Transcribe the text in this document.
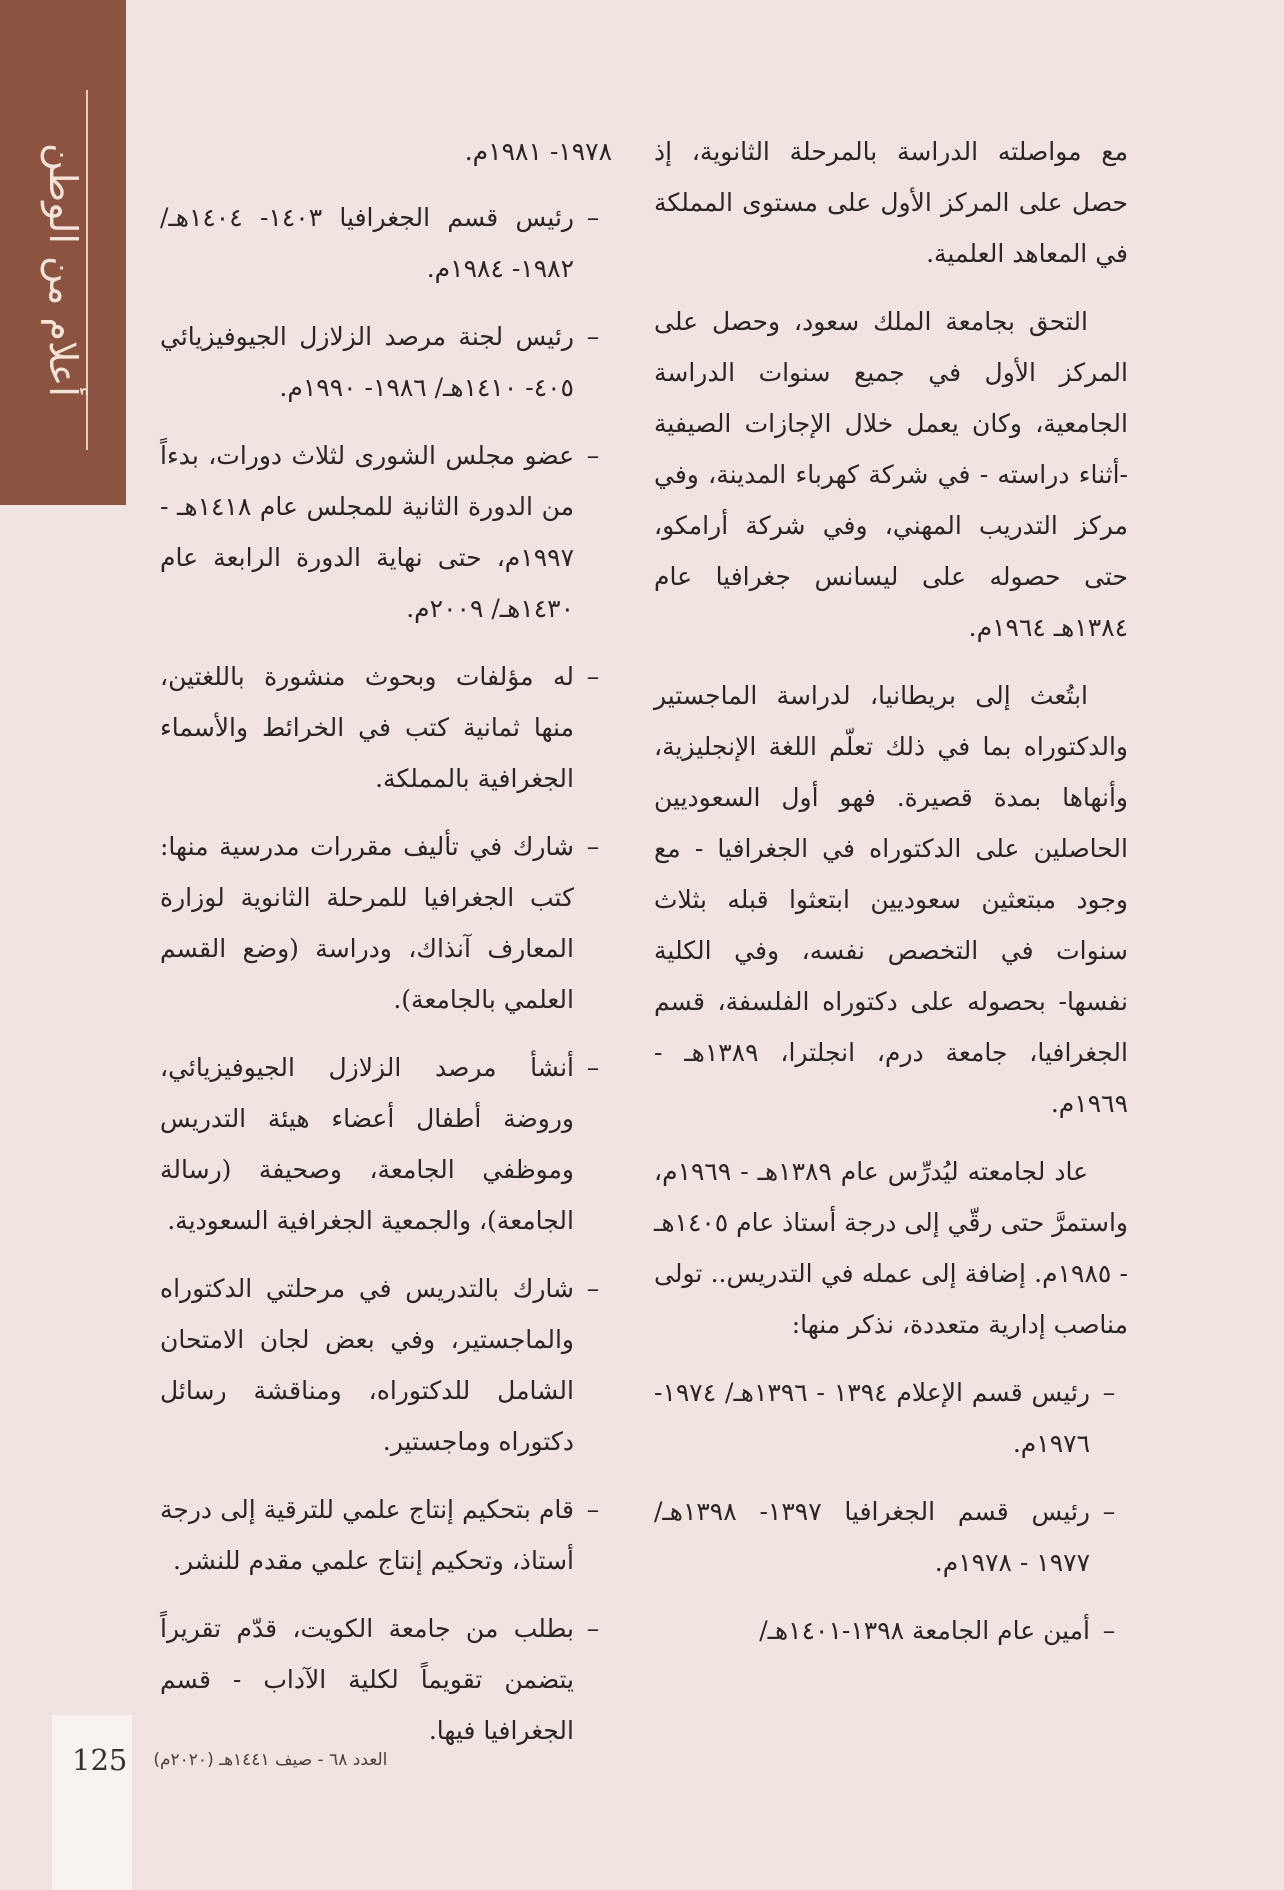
أعلام من الوطن	مع مواصلته الدراسة بالمرحلة الثانوية، إذ حصل على المركز الأول على مستوى المملكة في المعاهد العلمية.

التحق بجامعة الملك سعود، وحصل على المركز الأول في جميع سنوات الدراسة الجامعية، وكان يعمل خلال الإجازات الصيفية -أثناء دراسته - في شركة كهرباء المدينة، وفي مركز التدريب المهني، وفي شركة أرامكو، حتى حصوله على ليسانس جغرافيا عام ١٣٨٤هـ ١٩٦٤م.

ابتُعث إلى بريطانيا، لدراسة الماجستير والدكتوراه بما في ذلك تعلّم اللغة الإنجليزية، وأنهاها بمدة قصيرة. فهو أول السعوديين الحاصلين على الدكتوراه في الجغرافيا - مع وجود مبتعثين سعوديين ابتعثوا قبله بثلاث سنوات في التخصص نفسه، وفي الكلية نفسها- بحصوله على دكتوراه الفلسفة، قسم الجغرافيا، جامعة درم، انجلترا، ١٣٨٩هـ - ١٩٦٩م.

عاد لجامعته ليُدرِّس عام ١٣٨٩هـ - ١٩٦٩م، واستمرَّ حتى رقّي إلى درجة أستاذ عام ١٤٠٥هـ - ١٩٨٥م. إضافة إلى عمله في التدريس.. تولى مناصب إدارية متعددة، نذكر منها:

–
رئيس قسم الإعلام ١٣٩٤ - ١٣٩٦هـ/ ١٩٧٤- ١٩٧٦م.
–
رئيس قسم الجغرافيا ١٣٩٧- ١٣٩٨هـ/ ١٩٧٧ - ١٩٧٨م.
–
أمين عام الجامعة ١٣٩٨-١٤٠١هـ/
١٩٧٨- ١٩٨١م.
–
رئيس قسم الجغرافيا ١٤٠٣- ١٤٠٤هـ/ ١٩٨٢- ١٩٨٤م.
–
رئيس لجنة مرصد الزلازل الجيوفيزيائي ٤٠٥- ١٤١٠هـ/ ١٩٨٦- ١٩٩٠م.
–
عضو مجلس الشورى لثلاث دورات، بدءاً من الدورة الثانية للمجلس عام ١٤١٨هـ - ١٩٩٧م، حتى نهاية الدورة الرابعة عام ١٤٣٠هـ/ ٢٠٠٩م.
–
له مؤلفات وبحوث منشورة باللغتين، منها ثمانية كتب في الخرائط والأسماء الجغرافية بالمملكة.
–
شارك في تأليف مقررات مدرسية منها: كتب الجغرافيا للمرحلة الثانوية لوزارة المعارف آنذاك، ودراسة (وضع القسم العلمي بالجامعة).
–
أنشأ مرصد الزلازل الجيوفيزيائي، وروضة أطفال أعضاء هيئة التدريس وموظفي الجامعة، وصحيفة (رسالة الجامعة)، والجمعية الجغرافية السعودية.
–
شارك بالتدريس في مرحلتي الدكتوراه والماجستير، وفي بعض لجان الامتحان الشامل للدكتوراه، ومناقشة رسائل دكتوراه وماجستير.
–
قام بتحكيم إنتاج علمي للترقية إلى درجة أستاذ، وتحكيم إنتاج علمي مقدم للنشر.
–
بطلب من جامعة الكويت، قدّم تقريراً يتضمن تقويماً لكلية الآداب - قسم الجغرافيا فيها.
125 العدد ٦٨ - صيف ١٤٤١هـ (٢٠٢٠م)
